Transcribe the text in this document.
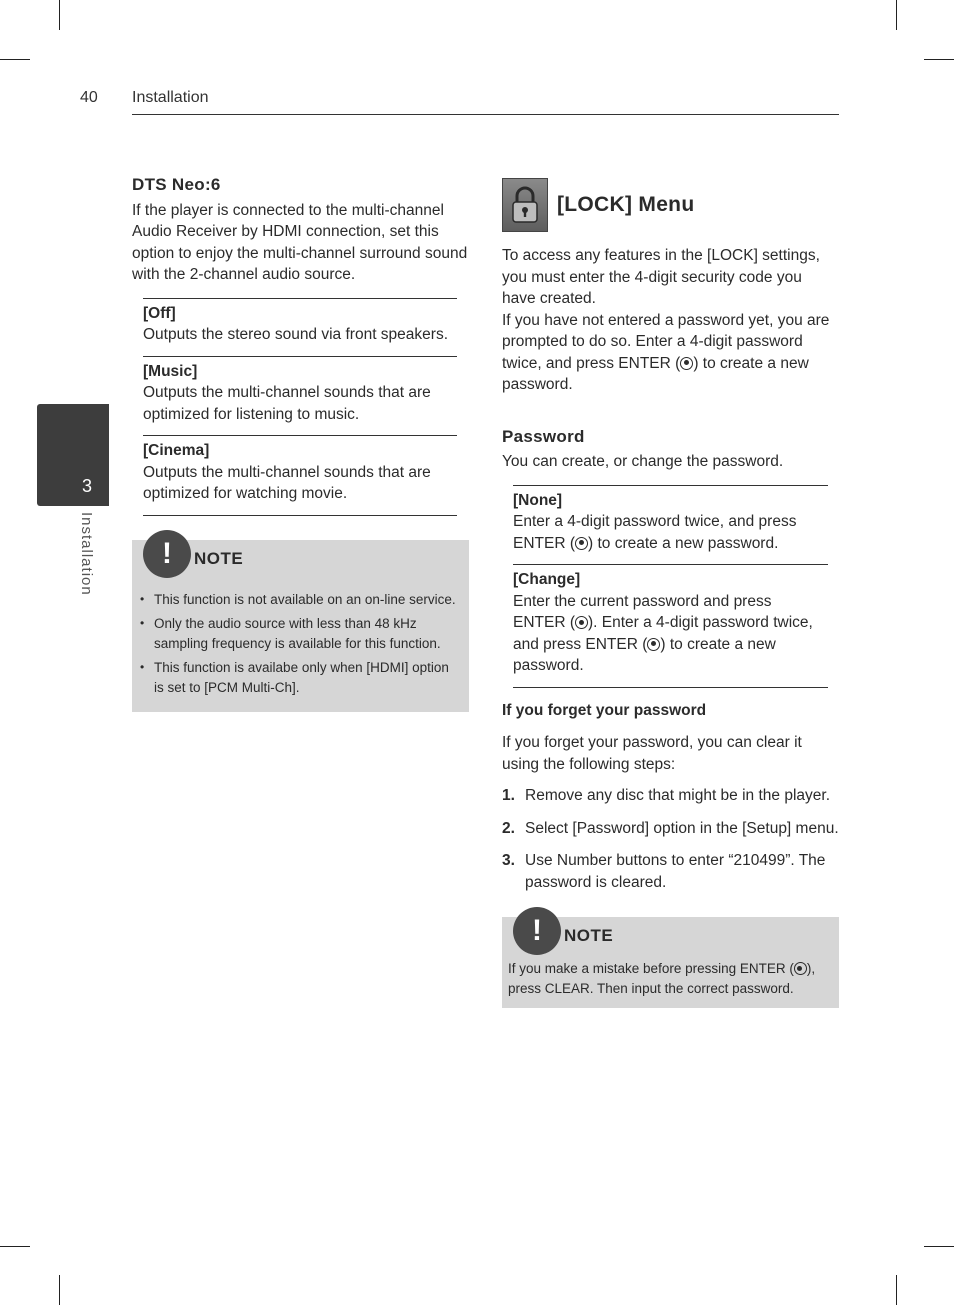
40 Installation
3
Installation
DTS Neo:6

If the player is connected to the multi-channel Audio Receiver by HDMI connection, set this option to enjoy the multi-channel surround sound with the 2-channel audio source.

[Off]
Outputs the stereo sound via front speakers.
[Music]
Outputs the multi-channel sounds that are optimized for listening to music.
[Cinema]
Outputs the multi-channel sounds that are optimized for watching movie.
!	NOTE
• This function is not available on an on-line service.
• Only the audio source with less than 48 kHz sampling frequency is available for this function.
• This function is availabe only when [HDMI] option is set to [PCM Multi-Ch].
[LOCK] Menu

To access any features in the [LOCK] settings, you must enter the 4-digit security code you have created.

If you have not entered a password yet, you are prompted to do so. Enter a 4-digit password twice, and press ENTER ( ) to create a new password.

Password

You can create, or change the password.

[None]
Enter a 4-digit password twice, and press ENTER ( ) to create a new password.
[Change]
Enter the current password and press ENTER ( ). Enter a 4-digit password twice, and press ENTER ( ) to create a new password.
If you forget your password

If you forget your password, you can clear it using the following steps:

1. Remove any disc that might be in the player.
2. Select [Password] option in the [Setup] menu.
3. Use Number buttons to enter “210499”. The password is cleared.
!	NOTE

If you make a mistake before pressing ENTER ( ), press CLEAR. Then input the correct password.
